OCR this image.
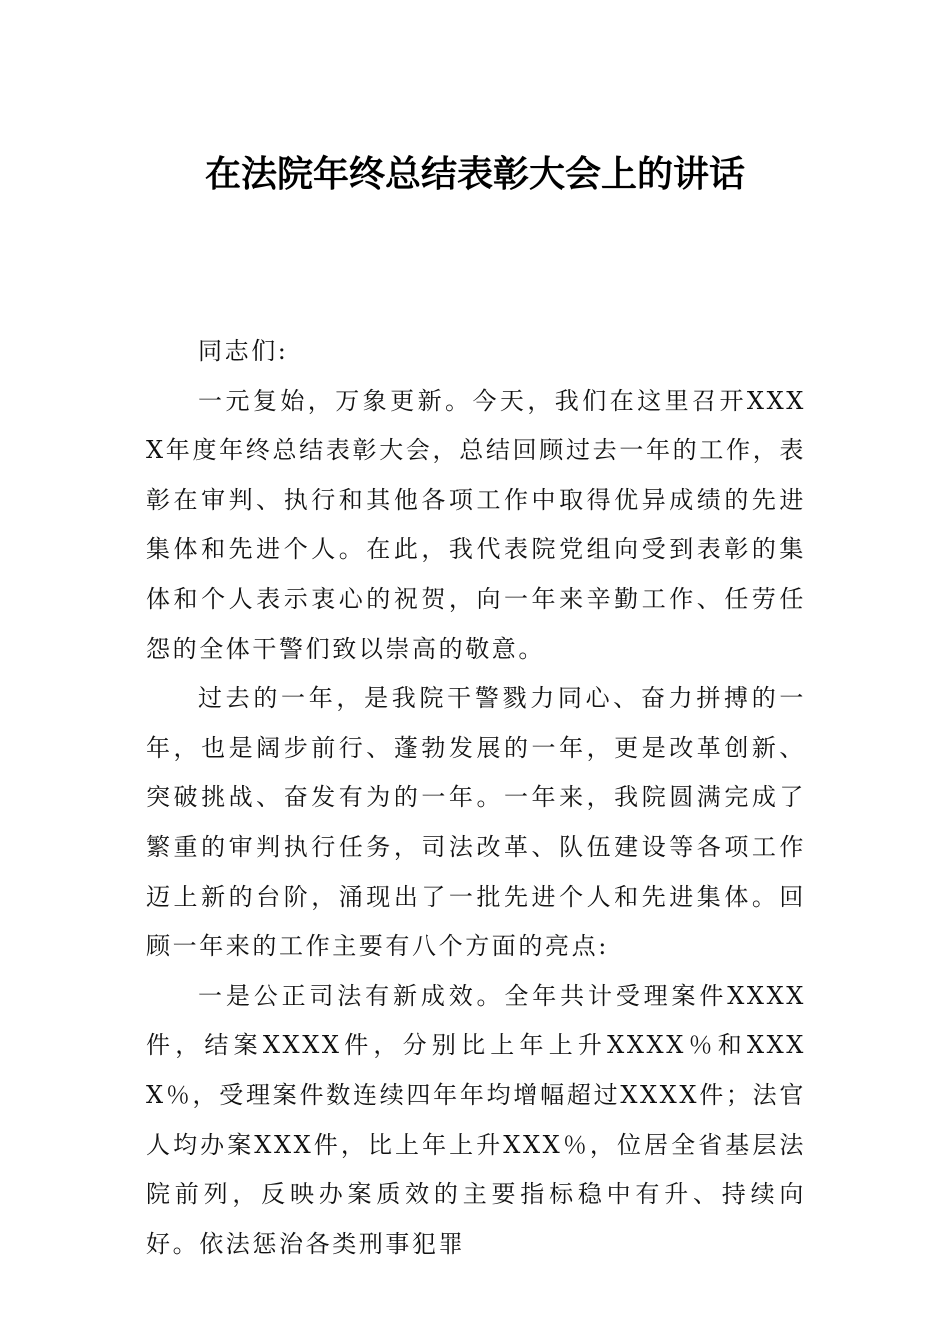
在法院年终总结表彰大会上的讲话

同志们:

一元复始，万象更新。今天，我们在这里召开XXXX年度年终总结表彰大会，总结回顾过去一年的工作，表彰在审判、执行和其他各项工作中取得优异成绩的先进集体和先进个人。在此，我代表院党组向受到表彰的集体和个人表示衷心的祝贺，向一年来辛勤工作、任劳任怨的全体干警们致以崇高的敬意。

过去的一年，是我院干警戮力同心、奋力拼搏的一年，也是阔步前行、蓬勃发展的一年，更是改革创新、突破挑战、奋发有为的一年。一年来，我院圆满完成了繁重的审判执行任务，司法改革、队伍建设等各项工作迈上新的台阶，涌现出了一批先进个人和先进集体。回顾一年来的工作主要有八个方面的亮点:

一是公正司法有新成效。全年共计受理案件XXXX件，结案XXXX件，分别比上年上升XXXX％和XXXX％，受理案件数连续四年年均增幅超过XXXX件；法官人均办案XXX件，比上年上升XXX％，位居全省基层法院前列，反映办案质效的主要指标稳中有升、持续向好。依法惩治各类刑事犯罪
